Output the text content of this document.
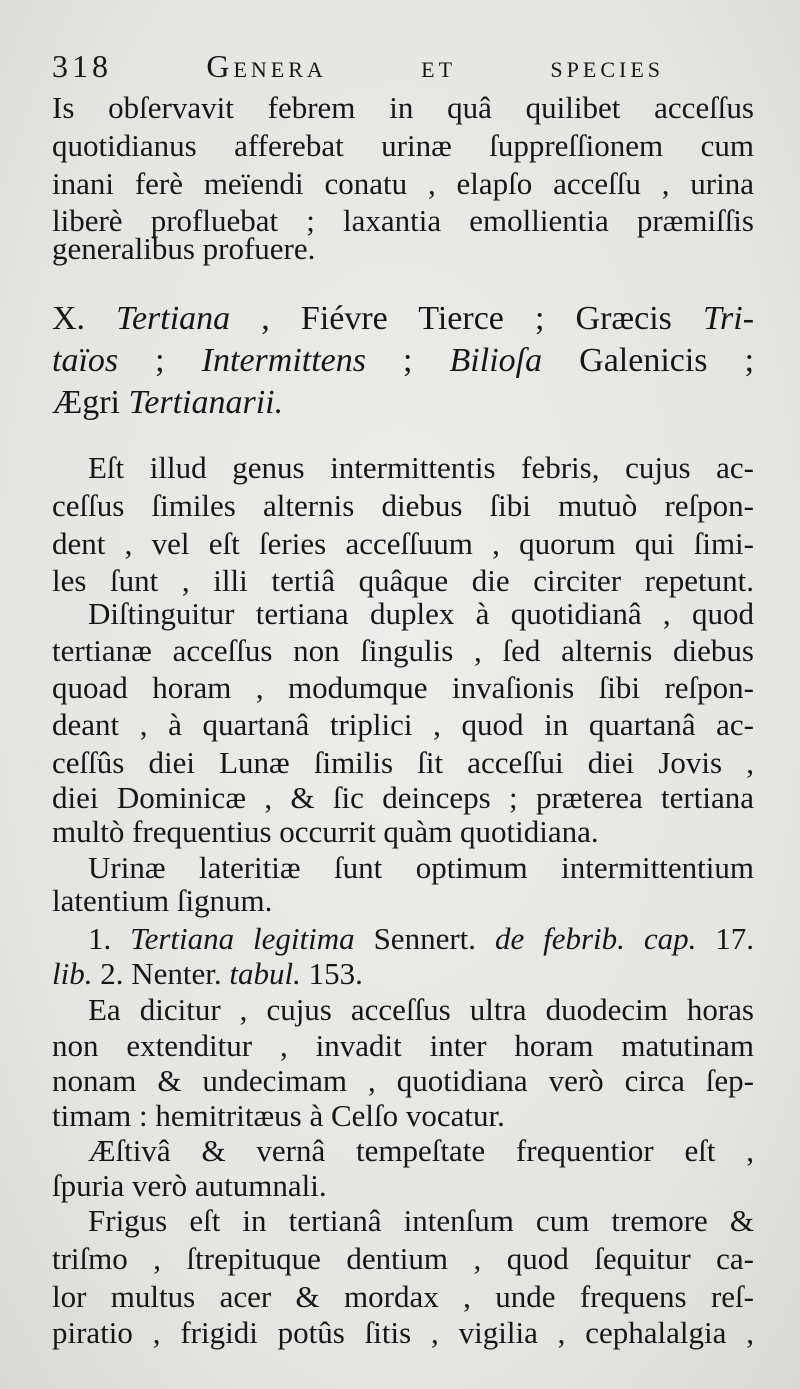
318	Genera et species
Is obſervavit febrem in quâ quilibet acceſſus
quotidianus afferebat urinæ ſuppreſſionem cum
inani ferè meïendi conatu , elapſo acceſſu , urina
liberè profluebat ; laxantia emollientia præmiſſis
generalibus profuere.
X. Tertiana , Fiévre Tierce ; Græcis Tri-
taïos ; Intermittens ; Bilioſa Galenicis ;
Ægri Tertianarii.
Eſt illud genus intermittentis febris, cujus ac-
ceſſus ſimiles alternis diebus ſibi mutuò reſpon-
dent , vel eſt ſeries acceſſuum , quorum qui ſimi-
les ſunt , illi tertiâ quâque die circiter repetunt.
Diſtinguitur tertiana duplex à quotidianâ , quod
tertianæ acceſſus non ſingulis , ſed alternis diebus
quoad horam , modumque invaſionis ſibi reſpon-
deant , à quartanâ triplici , quod in quartanâ ac-
ceſſûs diei Lunæ ſimilis ſit acceſſui diei Jovis ,
diei Dominicæ , & ſic deinceps ; præterea tertiana
multò frequentius occurrit quàm quotidiana.
Urinæ lateritiæ ſunt optimum intermittentium
latentium ſignum.
1. Tertiana legitima Sennert. de febrib. cap. 17.
lib. 2. Nenter. tabul. 153.
Ea dicitur , cujus acceſſus ultra duodecim horas
non extenditur , invadit inter horam matutinam
nonam & undecimam , quotidiana verò circa ſep-
timam : hemitritæus à Celſo vocatur.
Æſtivâ & vernâ tempeſtate frequentior eſt ,
ſpuria verò autumnali.
Frigus eſt in tertianâ intenſum cum tremore &
triſmo , ſtrepituque dentium , quod ſequitur ca-
lor multus acer & mordax , unde frequens reſ-
piratio , frigidi potûs ſitis , vigilia , cephalalgia ,
